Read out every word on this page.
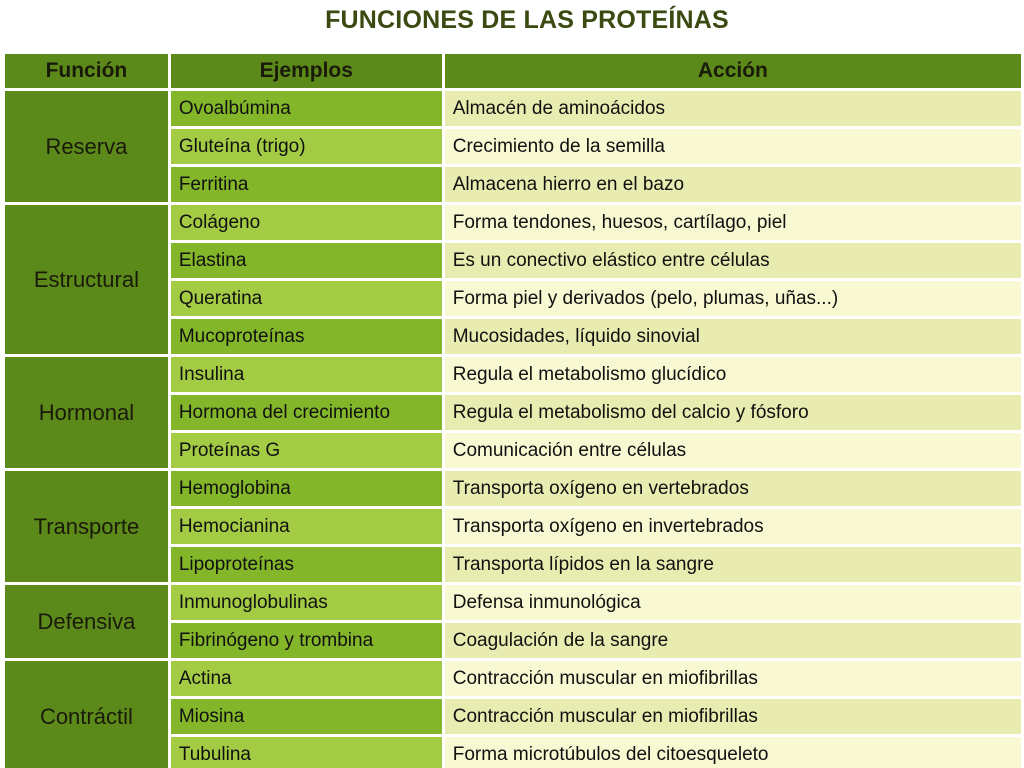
FUNCIONES DE LAS PROTEÍNAS
Función	Ejemplos	Acción
Reserva	Ovoalbúmina	Almacén de aminoácidos
	Gluteína (trigo)	Crecimiento de la semilla
	Ferritina	Almacena hierro en el bazo
Estructural	Colágeno	Forma tendones, huesos, cartílago, piel
	Elastina	Es un conectivo elástico entre células
	Queratina	Forma piel y derivados (pelo, plumas, uñas...)
	Mucoproteínas	Mucosidades, líquido sinovial
Hormonal	Insulina	Regula el metabolismo glucídico
	Hormona del crecimiento	Regula el metabolismo del calcio y fósforo
	Proteínas G	Comunicación entre células
Transporte	Hemoglobina	Transporta oxígeno en vertebrados
	Hemocianina	Transporta oxígeno en invertebrados
	Lipoproteínas	Transporta lípidos en la sangre
Defensiva	Inmunoglobulinas	Defensa inmunológica
	Fibrinógeno y trombina	Coagulación de la sangre
Contráctil	Actina	Contracción muscular en miofibrillas
	Miosina	Contracción muscular en miofibrillas
	Tubulina	Forma microtúbulos del citoesqueleto
